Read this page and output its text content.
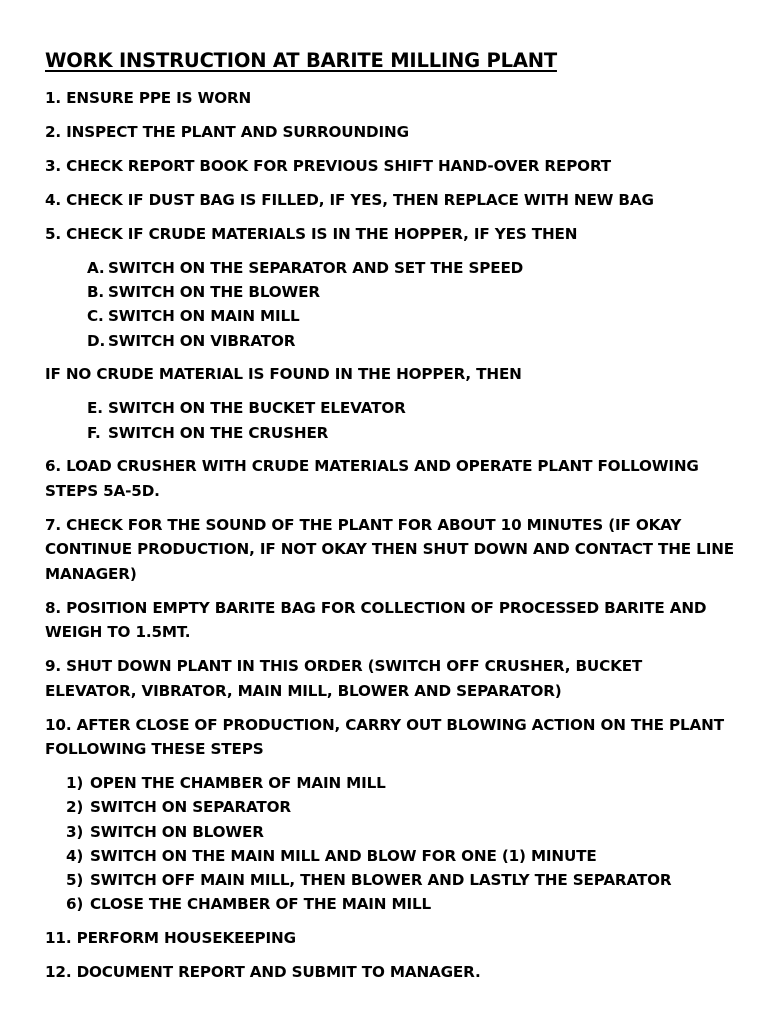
WORK INSTRUCTION AT BARITE MILLING PLANT
1. ENSURE PPE IS WORN
2. INSPECT THE PLANT AND SURROUNDING
3. CHECK REPORT BOOK FOR PREVIOUS SHIFT HAND-OVER REPORT
4. CHECK IF DUST BAG IS FILLED, IF YES, THEN REPLACE WITH NEW BAG
5. CHECK IF CRUDE MATERIALS IS IN THE HOPPER, IF YES THEN
A. SWITCH ON THE SEPARATOR AND SET THE SPEED
B. SWITCH ON THE BLOWER
C. SWITCH ON MAIN MILL
D. SWITCH ON VIBRATOR
IF NO CRUDE MATERIAL IS FOUND IN THE HOPPER, THEN
E. SWITCH ON THE BUCKET ELEVATOR
F. SWITCH ON THE CRUSHER
6. LOAD CRUSHER WITH CRUDE MATERIALS AND OPERATE PLANT FOLLOWING STEPS 5A-5D.
7. CHECK FOR THE SOUND OF THE PLANT FOR ABOUT 10 MINUTES (IF OKAY CONTINUE PRODUCTION, IF NOT OKAY THEN SHUT DOWN AND CONTACT THE LINE MANAGER)
8. POSITION EMPTY BARITE BAG FOR COLLECTION OF PROCESSED BARITE AND WEIGH TO 1.5MT.
9. SHUT DOWN PLANT IN THIS ORDER (SWITCH OFF CRUSHER, BUCKET ELEVATOR, VIBRATOR, MAIN MILL, BLOWER AND SEPARATOR)
10. AFTER CLOSE OF PRODUCTION, CARRY OUT BLOWING ACTION ON THE PLANT FOLLOWING THESE STEPS
1) OPEN THE CHAMBER OF MAIN MILL
2) SWITCH ON SEPARATOR
3) SWITCH ON BLOWER
4) SWITCH ON THE MAIN MILL AND BLOW FOR ONE (1) MINUTE
5) SWITCH OFF MAIN MILL, THEN BLOWER AND LASTLY THE SEPARATOR
6) CLOSE THE CHAMBER OF THE MAIN MILL
11. PERFORM HOUSEKEEPING
12. DOCUMENT REPORT AND SUBMIT TO MANAGER.
